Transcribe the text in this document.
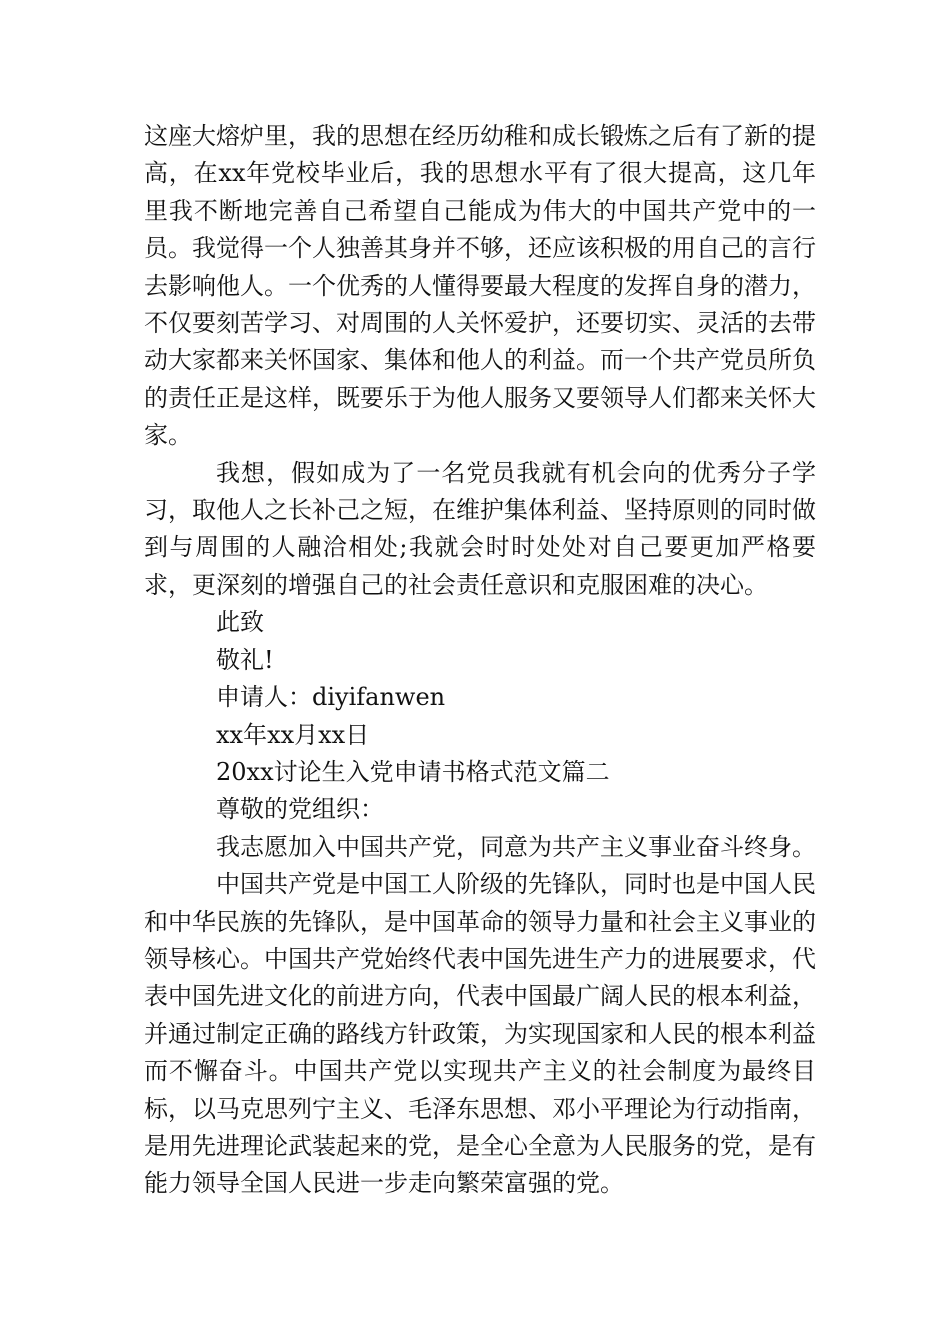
这座大熔炉里，我的思想在经历幼稚和成长锻炼之后有了新的提高，在xx年党校毕业后，我的思想水平有了很大提高，这几年里我不断地完善自己希望自己能成为伟大的中国共产党中的一员。我觉得一个人独善其身并不够，还应该积极的用自己的言行去影响他人。一个优秀的人懂得要最大程度的发挥自身的潜力，不仅要刻苦学习、对周围的人关怀爱护，还要切实、灵活的去带动大家都来关怀国家、集体和他人的利益。而一个共产党员所负的责任正是这样，既要乐于为他人服务又要领导人们都来关怀大家。

我想，假如成为了一名党员我就有机会向的优秀分子学习，取他人之长补己之短，在维护集体利益、坚持原则的同时做到与周围的人融洽相处;我就会时时处处对自己要更加严格要求，更深刻的增强自己的社会责任意识和克服困难的决心。

此致

敬礼!

申请人：diyifanwen

xx年xx月xx日

20xx讨论生入党申请书格式范文篇二

尊敬的党组织：

我志愿加入中国共产党，同意为共产主义事业奋斗终身。

中国共产党是中国工人阶级的先锋队，同时也是中国人民和中华民族的先锋队，是中国革命的领导力量和社会主义事业的领导核心。中国共产党始终代表中国先进生产力的进展要求，代表中国先进文化的前进方向，代表中国最广阔人民的根本利益，并通过制定正确的路线方针政策，为实现国家和人民的根本利益而不懈奋斗。中国共产党以实现共产主义的社会制度为最终目标，以马克思列宁主义、毛泽东思想、邓小平理论为行动指南，是用先进理论武装起来的党，是全心全意为人民服务的党，是有能力领导全国人民进一步走向繁荣富强的党。
